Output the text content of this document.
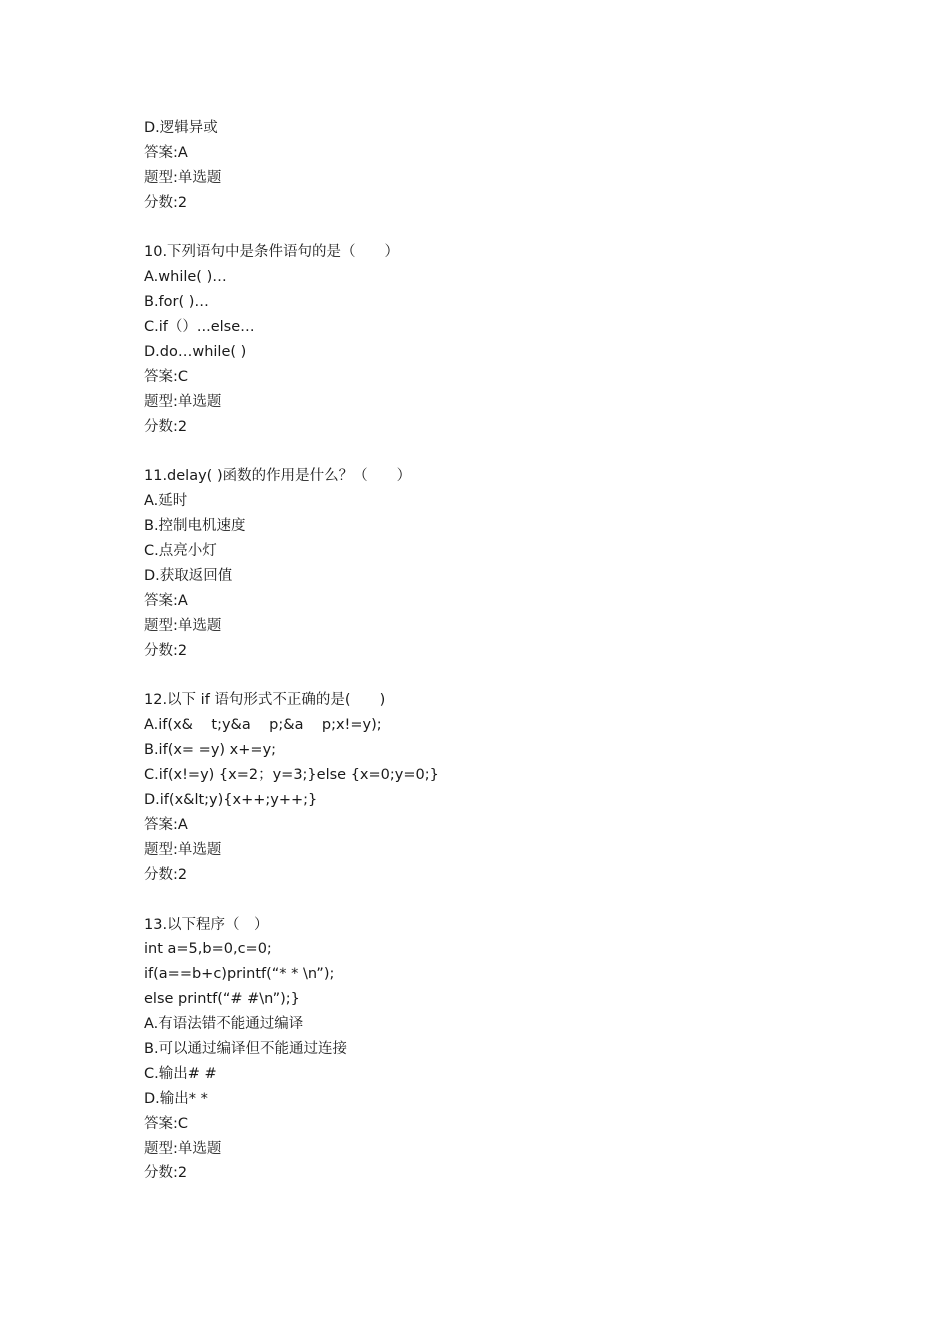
D.逻辑异或
答案:A
题型:单选题
分数:2
10.下列语句中是条件语句的是（　　）
A.while( )…
B.for( )…
C.if（）...else…
D.do…while( )
答案:C
题型:单选题
分数:2
11.delay( )函数的作用是什么？（　　）
A.延时
B.控制电机速度
C.点亮小灯
D.获取返回值
答案:A
题型:单选题
分数:2
12.以下 if 语句形式不正确的是(　　)
A.if(x&    t;y&a    p;&a    p;x!=y);
B.if(x= =y) x+=y;
C.if(x!=y) {x=2；y=3;}else {x=0;y=0;}
D.if(x&lt;y){x++;y++;}
答案:A
题型:单选题
分数:2
13.以下程序（　）
int a=5,b=0,c=0;
if(a==b+c)printf(“* * \n”);
else printf(“# #\n”);}
A.有语法错不能通过编译
B.可以通过编译但不能通过连接
C.输出# #
D.输出* *
答案:C
题型:单选题
分数:2
